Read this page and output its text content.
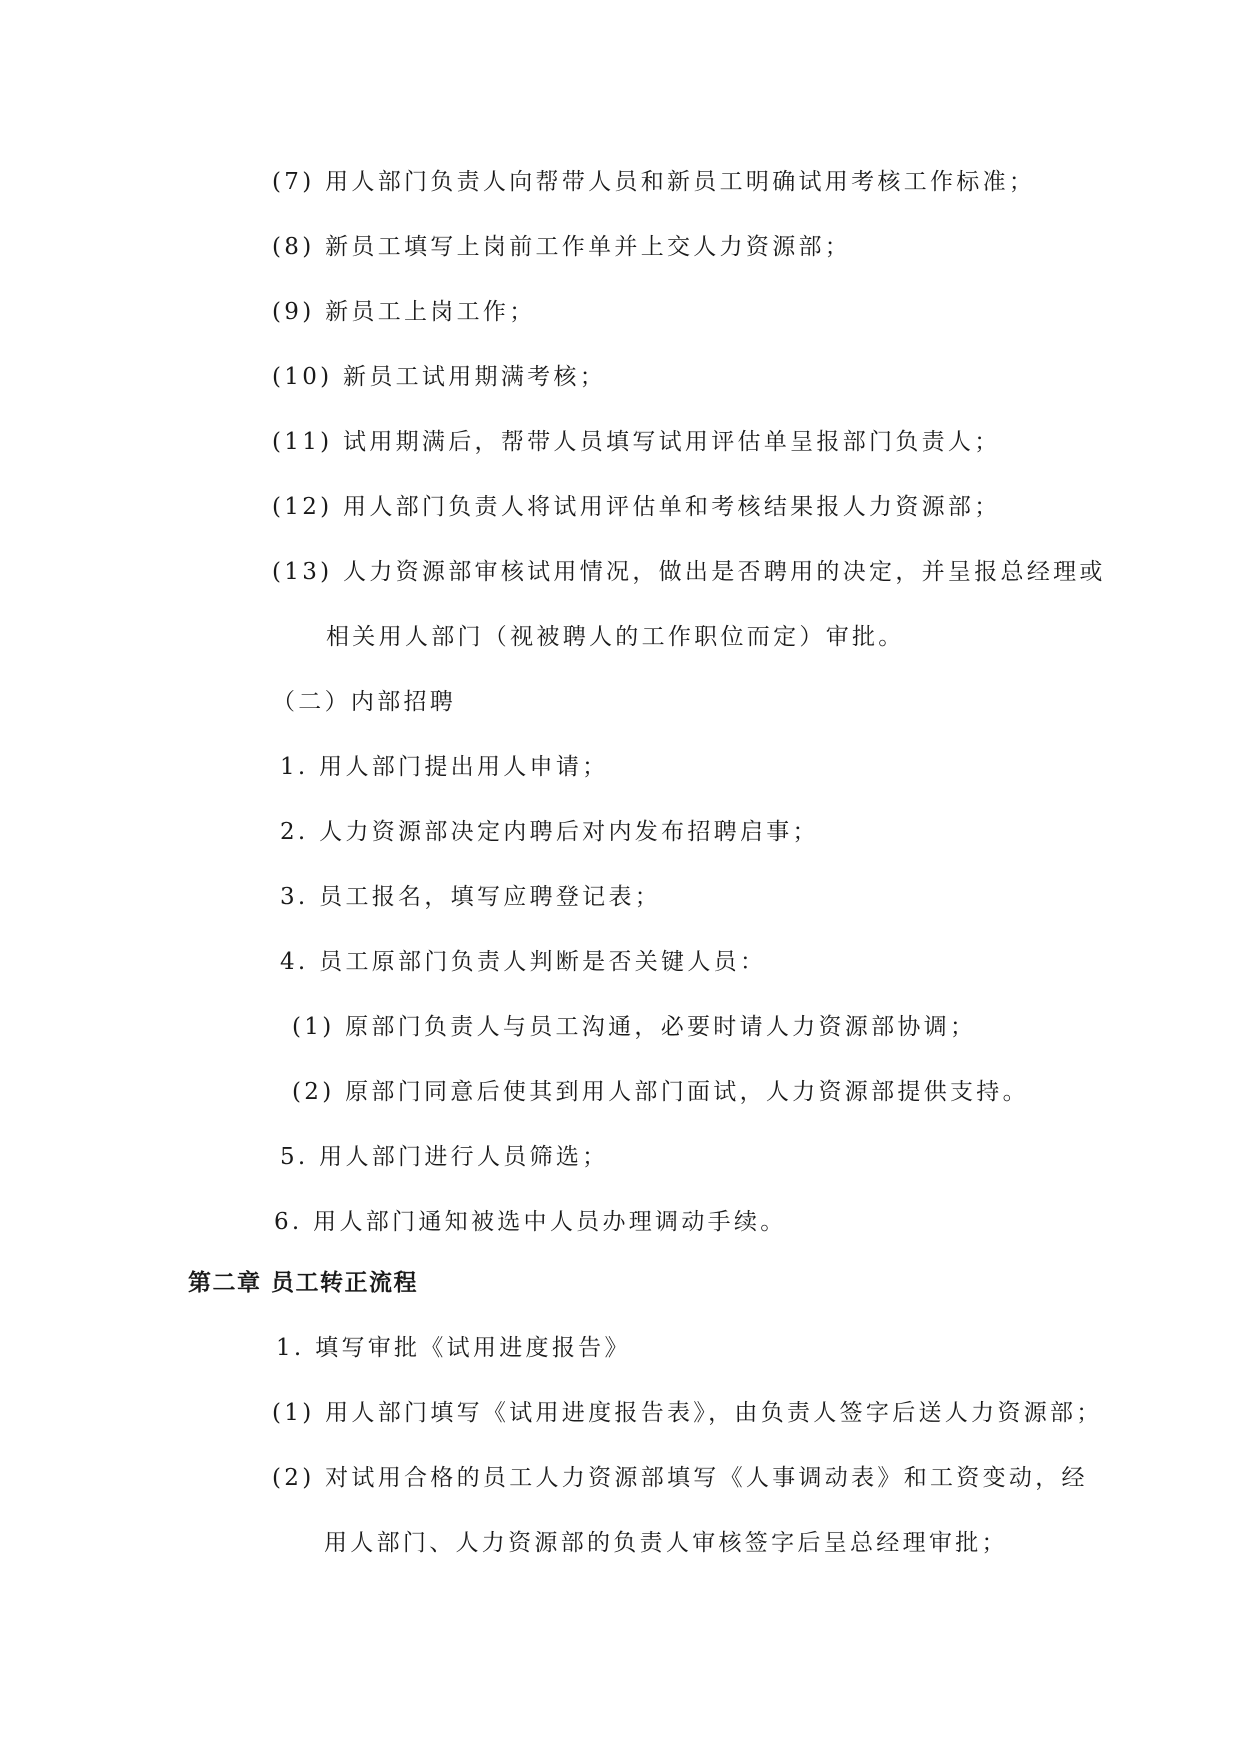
(7) 用人部门负责人向帮带人员和新员工明确试用考核工作标准；
(8) 新员工填写上岗前工作单并上交人力资源部；
(9) 新员工上岗工作；
(10) 新员工试用期满考核；
(11) 试用期满后，帮带人员填写试用评估单呈报部门负责人；
(12) 用人部门负责人将试用评估单和考核结果报人力资源部；
(13) 人力资源部审核试用情况，做出是否聘用的决定，并呈报总经理或
相关用人部门（视被聘人的工作职位而定）审批。
（二）内部招聘
1. 用人部门提出用人申请；
2. 人力资源部决定内聘后对内发布招聘启事；
3. 员工报名，填写应聘登记表；
4. 员工原部门负责人判断是否关键人员：
(1) 原部门负责人与员工沟通，必要时请人力资源部协调；
(2) 原部门同意后使其到用人部门面试，人力资源部提供支持。
5. 用人部门进行人员筛选；
6. 用人部门通知被选中人员办理调动手续。
第二章 员工转正流程
1. 填写审批《试用进度报告》
(1) 用人部门填写《试用进度报告表》，由负责人签字后送人力资源部；
(2) 对试用合格的员工人力资源部填写《人事调动表》和工资变动，经
用人部门、人力资源部的负责人审核签字后呈总经理审批；
